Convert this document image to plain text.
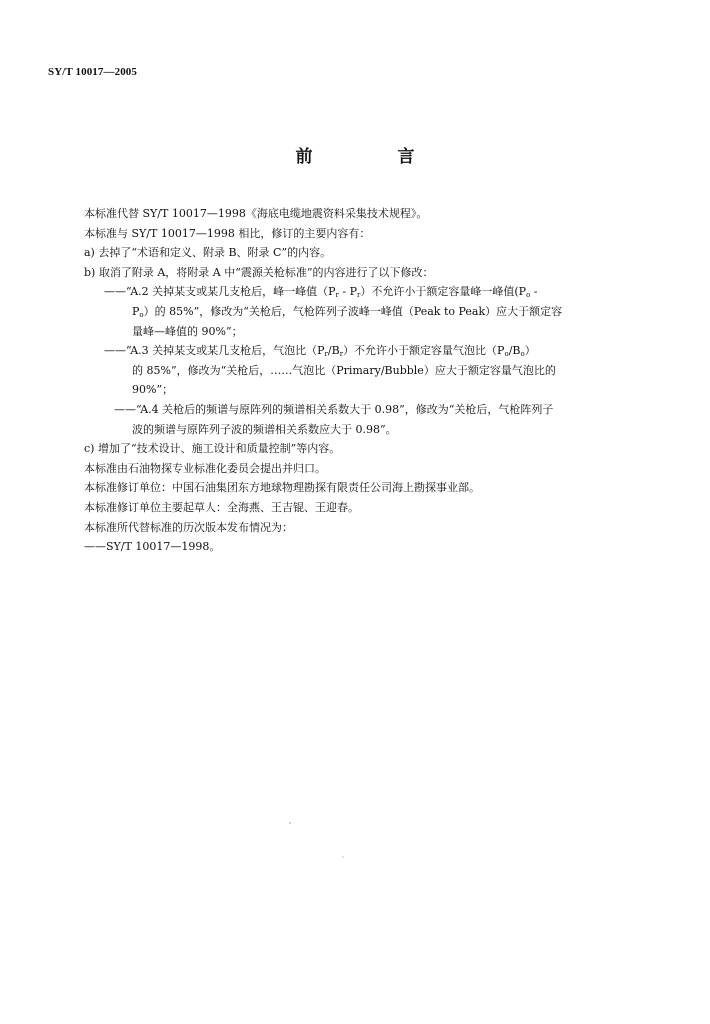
SY/T 10017—2005
前　言
本标准代替 SY/T 10017—1998《海底电缆地震资料采集技术规程》。
本标准与 SY/T 10017—1998 相比，修订的主要内容有：
a) 去掉了“术语和定义、附录 B、附录 C”的内容。
b) 取消了附录 A，将附录 A 中“震源关枪标准”的内容进行了以下修改：
——“A.2 关掉某支或某几支枪后，峰一峰值$(P_r - P_r)$不允许小于额定容量峰一峰值($P_o$ -
$P_o$）的 85%”，修改为“关枪后，气枪阵列子波峰一峰值（Peak to Peak）应大于额定容
量峰—峰值的 90%”；
——“A.3 关掉某支或某几支枪后，气泡比$(P_r/B_r)$不允许小于额定容量气泡比$(P_o/B_o)$
的 85%”，修改为“关枪后，……气泡比（Primary/Bubble）应大于额定容量气泡比的
90%”；
——“A.4 关枪后的频谱与原阵列的频谱相关系数大于 0.98”，修改为“关枪后，气枪阵列子
波的频谱与原阵列子波的频谱相关系数应大于 0.98”。
c) 增加了“技术设计、施工设计和质量控制”等内容。
本标准由石油物探专业标准化委员会提出并归口。
本标准修订单位：中国石油集团东方地球物理勘探有限责任公司海上勘探事业部。
本标准修订单位主要起草人：全海燕、王吉锟、王迎春。
本标准所代替标准的历次版本发布情况为：
——SY/T 10017—1998。
